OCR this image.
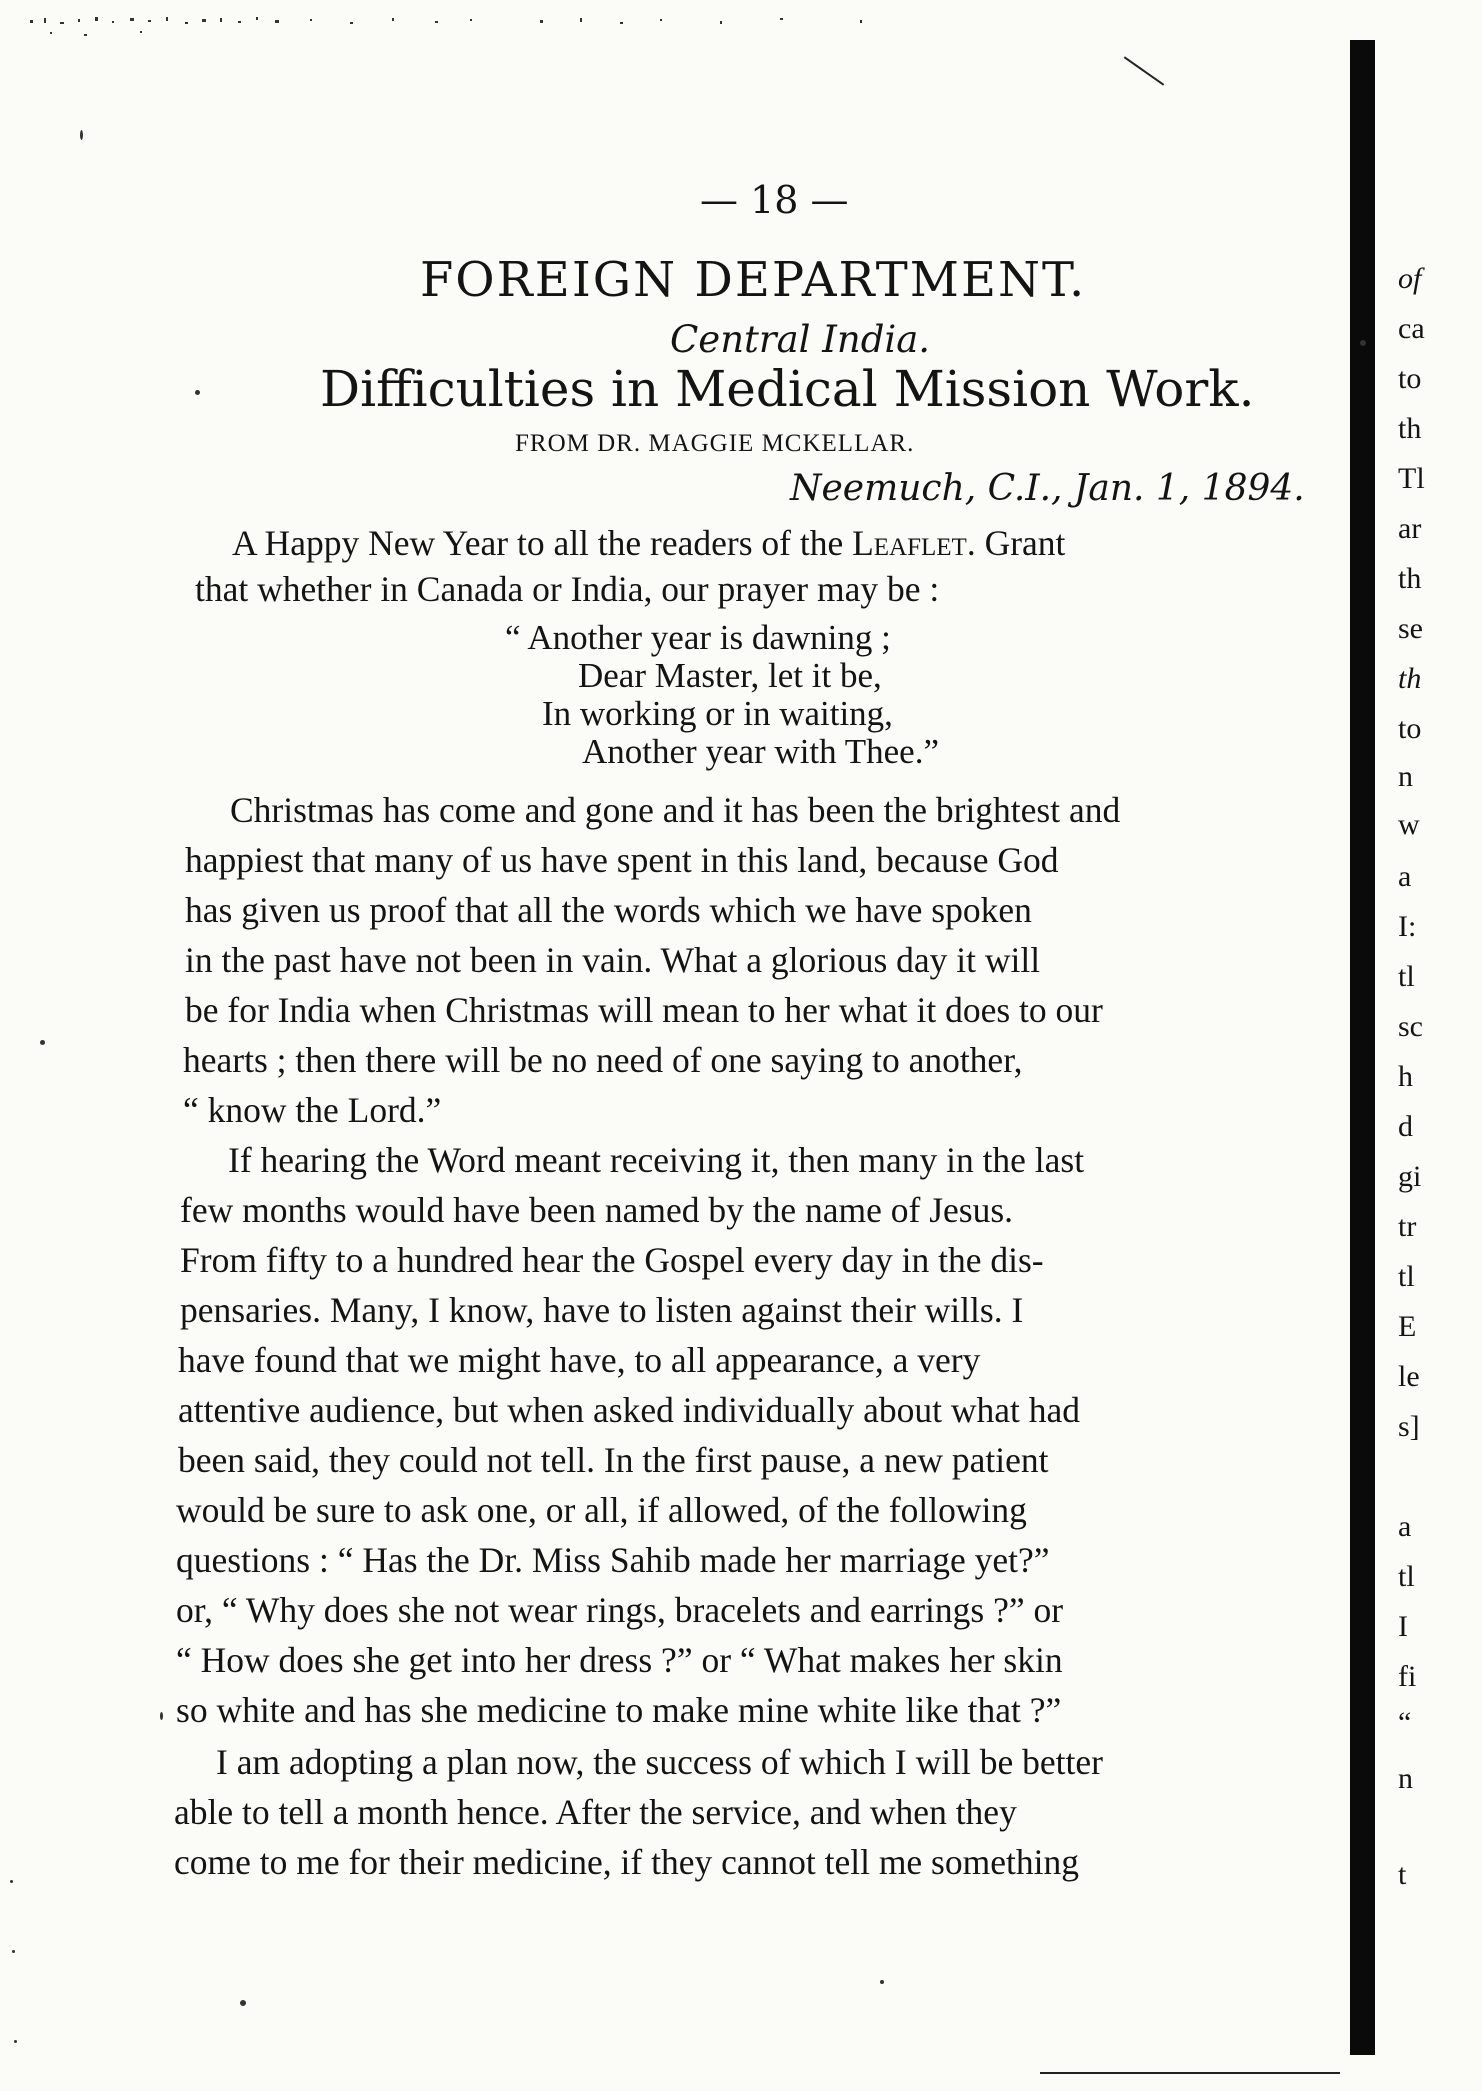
— 18 —
FOREIGN DEPARTMENT.
Central India.
Difficulties in Medical Mission Work.
FROM DR. MAGGIE MCKELLAR.
Neemuch, C.I., Jan. 1, 1894.
A Happy New Year to all the readers of the Leaflet. Grant
that whether in Canada or India, our prayer may be :
“ Another year is dawning ;
Dear Master, let it be,
In working or in waiting,
Another year with Thee.”
Christmas has come and gone and it has been the brightest and
happiest that many of us have spent in this land, because God
has given us proof that all the words which we have spoken
in the past have not been in vain. What a glorious day it will
be for India when Christmas will mean to her what it does to our
hearts ; then there will be no need of one saying to another,
“ know the Lord.”
If hearing the Word meant receiving it, then many in the last
few months would have been named by the name of Jesus.
From fifty to a hundred hear the Gospel every day in the dis-
pensaries. Many, I know, have to listen against their wills. I
have found that we might have, to all appearance, a very
attentive audience, but when asked individually about what had
been said, they could not tell. In the first pause, a new patient
would be sure to ask one, or all, if allowed, of the following
questions : “ Has the Dr. Miss Sahib made her marriage yet?”
or, “ Why does she not wear rings, bracelets and earrings ?” or
“ How does she get into her dress ?” or “ What makes her skin
so white and has she medicine to make mine white like that ?”
I am adopting a plan now, the success of which I will be better
able to tell a month hence. After the service, and when they
come to me for their medicine, if they cannot tell me something
of
ca
to
th
Tl
ar
th
se
th
to
n
w
a
I:
tl
sc
h
d
gi
tr
tl
E
le
s]
a
tl
I
fi
“
n
t
